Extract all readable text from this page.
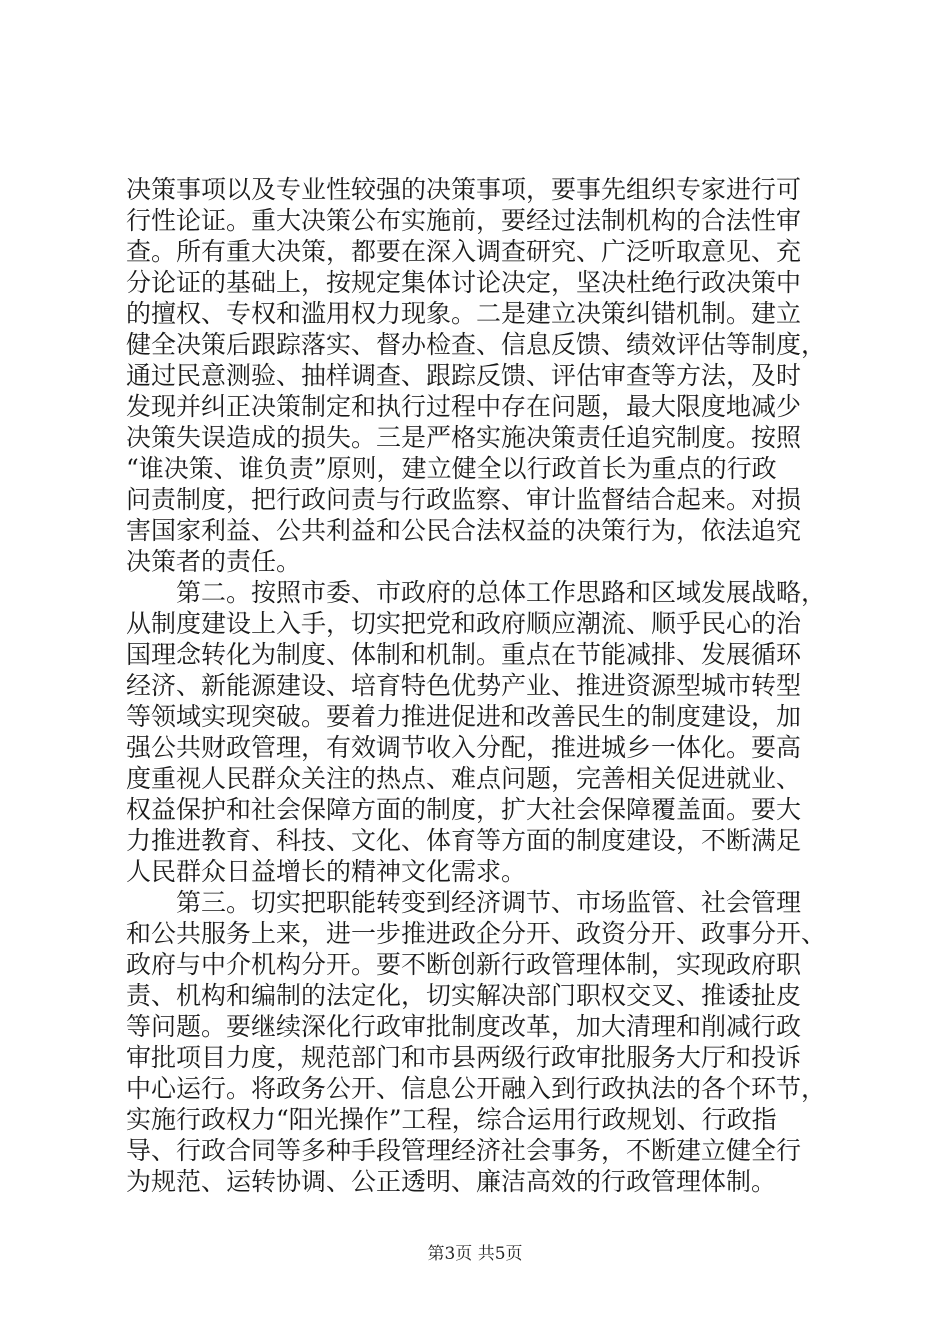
决策事项以及专业性较强的决策事项，要事先组织专家进行可
行性论证。重大决策公布实施前，要经过法制机构的合法性审
查。所有重大决策，都要在深入调查研究、广泛听取意见、充
分论证的基础上，按规定集体讨论决定，坚决杜绝行政决策中
的擅权、专权和滥用权力现象。二是建立决策纠错机制。建立
健全决策后跟踪落实、督办检查、信息反馈、绩效评估等制度，
通过民意测验、抽样调查、跟踪反馈、评估审查等方法，及时
发现并纠正决策制定和执行过程中存在问题，最大限度地减少
决策失误造成的损失。三是严格实施决策责任追究制度。按照
“谁决策、谁负责”原则，建立健全以行政首长为重点的行政
问责制度，把行政问责与行政监察、审计监督结合起来。对损
害国家利益、公共利益和公民合法权益的决策行为，依法追究
决策者的责任。
第二。按照市委、市政府的总体工作思路和区域发展战略，
从制度建设上入手，切实把党和政府顺应潮流、顺乎民心的治
国理念转化为制度、体制和机制。重点在节能减排、发展循环
经济、新能源建设、培育特色优势产业、推进资源型城市转型
等领域实现突破。要着力推进促进和改善民生的制度建设，加
强公共财政管理，有效调节收入分配，推进城乡一体化。要高
度重视人民群众关注的热点、难点问题，完善相关促进就业、
权益保护和社会保障方面的制度，扩大社会保障覆盖面。要大
力推进教育、科技、文化、体育等方面的制度建设，不断满足
人民群众日益增长的精神文化需求。
第三。切实把职能转变到经济调节、市场监管、社会管理
和公共服务上来，进一步推进政企分开、政资分开、政事分开、
政府与中介机构分开。要不断创新行政管理体制，实现政府职
责、机构和编制的法定化，切实解决部门职权交叉、推诿扯皮
等问题。要继续深化行政审批制度改革，加大清理和削减行政
审批项目力度，规范部门和市县两级行政审批服务大厅和投诉
中心运行。将政务公开、信息公开融入到行政执法的各个环节，
实施行政权力“阳光操作”工程，综合运用行政规划、行政指
导、行政合同等多种手段管理经济社会事务，不断建立健全行
为规范、运转协调、公正透明、廉洁高效的行政管理体制。
第3页 共5页
